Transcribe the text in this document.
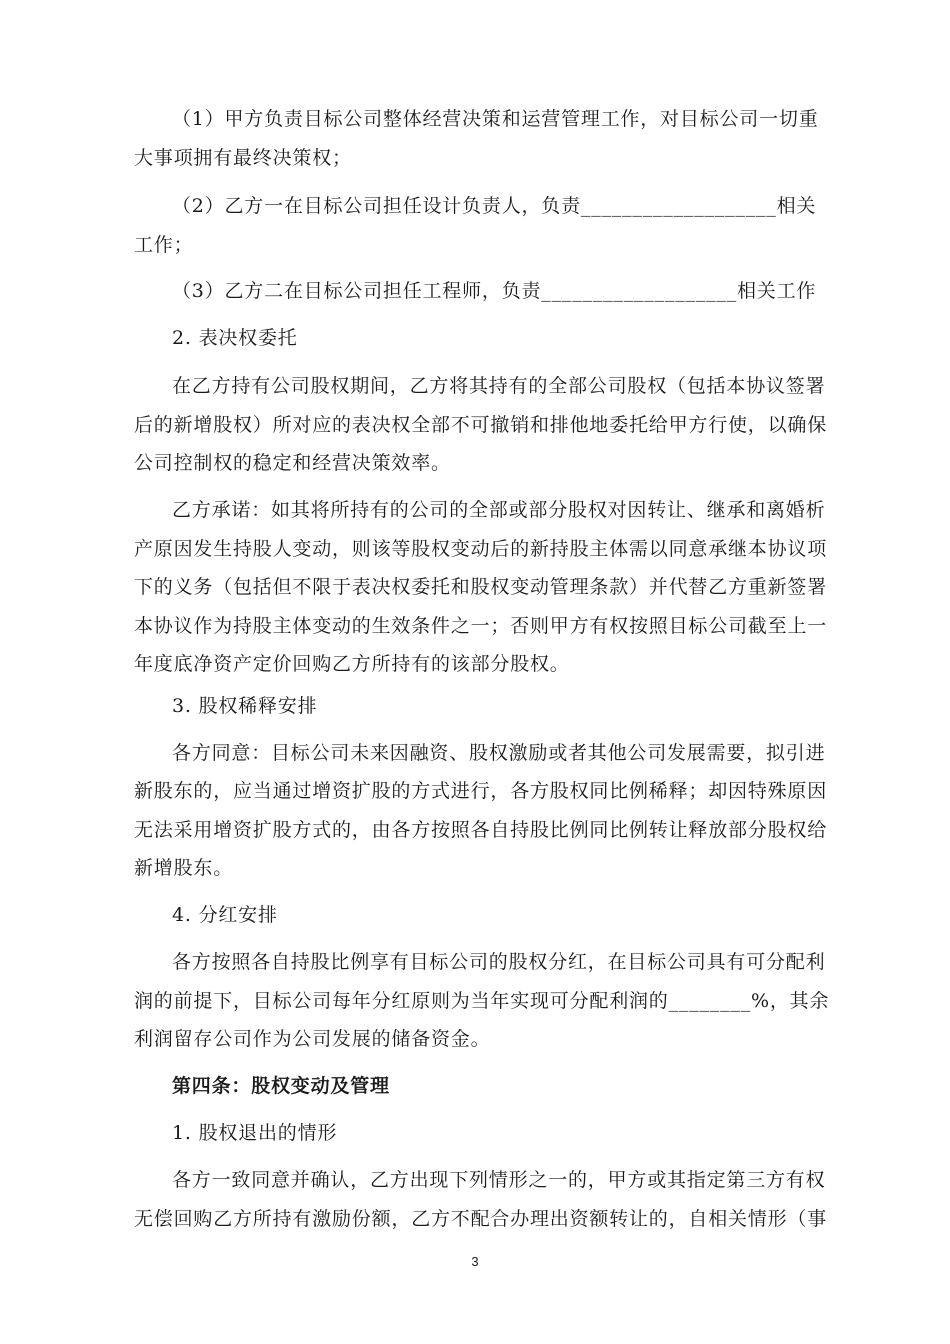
（1）甲方负责目标公司整体经营决策和运营管理工作，对目标公司一切重
大事项拥有最终决策权；
（2）乙方一在目标公司担任设计负责人，负责___________________相关
工作；
（3）乙方二在目标公司担任工程师，负责___________________相关工作
2. 表决权委托
在乙方持有公司股权期间，乙方将其持有的全部公司股权（包括本协议签署
后的新增股权）所对应的表决权全部不可撤销和排他地委托给甲方行使，以确保
公司控制权的稳定和经营决策效率。
乙方承诺：如其将所持有的公司的全部或部分股权对因转让、继承和离婚析
产原因发生持股人变动，则该等股权变动后的新持股主体需以同意承继本协议项
下的义务（包括但不限于表决权委托和股权变动管理条款）并代替乙方重新签署
本协议作为持股主体变动的生效条件之一；否则甲方有权按照目标公司截至上一
年度底净资产定价回购乙方所持有的该部分股权。
3. 股权稀释安排
各方同意：目标公司未来因融资、股权激励或者其他公司发展需要，拟引进
新股东的，应当通过增资扩股的方式进行，各方股权同比例稀释；却因特殊原因
无法采用增资扩股方式的，由各方按照各自持股比例同比例转让释放部分股权给
新增股东。
4. 分红安排
各方按照各自持股比例享有目标公司的股权分红，在目标公司具有可分配利
润的前提下，目标公司每年分红原则为当年实现可分配利润的________%，其余
利润留存公司作为公司发展的储备资金。
第四条：股权变动及管理
1. 股权退出的情形
各方一致同意并确认，乙方出现下列情形之一的，甲方或其指定第三方有权
无偿回购乙方所持有激励份额，乙方不配合办理出资额转让的，自相关情形（事
3
